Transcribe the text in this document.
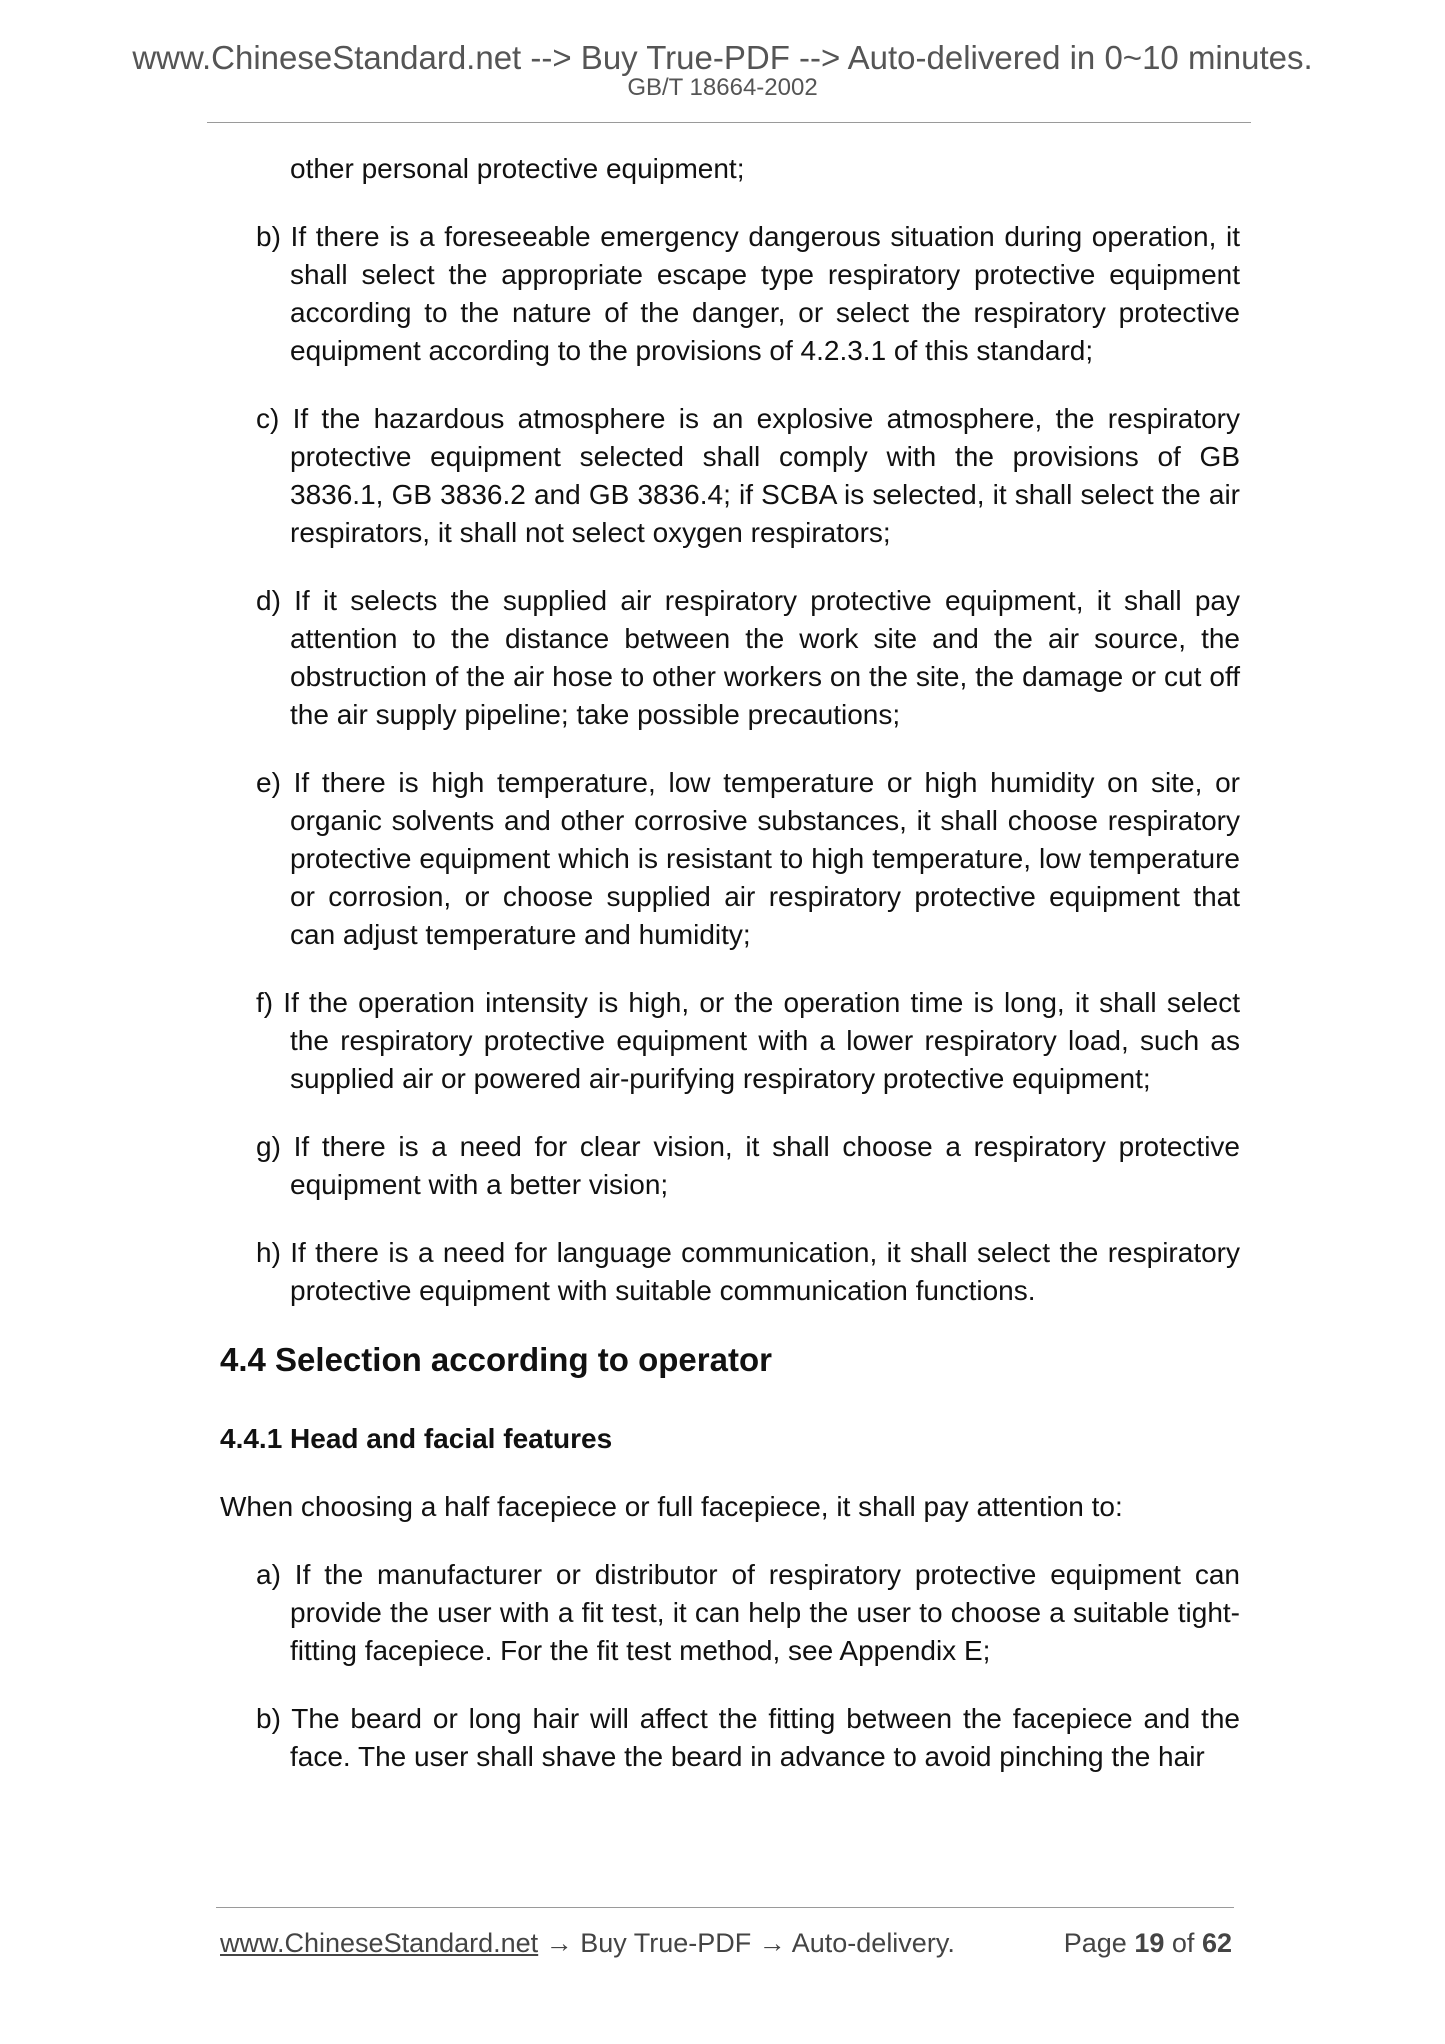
www.ChineseStandard.net --> Buy True-PDF --> Auto-delivered in 0~10 minutes.
GB/T 18664-2002

other personal protective equipment;

b) If there is a foreseeable emergency dangerous situation during operation, it shall select the appropriate escape type respiratory protective equipment according to the nature of the danger, or select the respiratory protective equipment according to the provisions of 4.2.3.1 of this standard;

c) If the hazardous atmosphere is an explosive atmosphere, the respiratory protective equipment selected shall comply with the provisions of GB 3836.1, GB 3836.2 and GB 3836.4; if SCBA is selected, it shall select the air respirators, it shall not select oxygen respirators;

d) If it selects the supplied air respiratory protective equipment, it shall pay attention to the distance between the work site and the air source, the obstruction of the air hose to other workers on the site, the damage or cut off the air supply pipeline; take possible precautions;

e) If there is high temperature, low temperature or high humidity on site, or organic solvents and other corrosive substances, it shall choose respiratory protective equipment which is resistant to high temperature, low temperature or corrosion, or choose supplied air respiratory protective equipment that can adjust temperature and humidity;

f) If the operation intensity is high, or the operation time is long, it shall select the respiratory protective equipment with a lower respiratory load, such as supplied air or powered air-purifying respiratory protective equipment;

g) If there is a need for clear vision, it shall choose a respiratory protective equipment with a better vision;

h) If there is a need for language communication, it shall select the respiratory protective equipment with suitable communication functions.

4.4 Selection according to operator
4.4.1 Head and facial features

When choosing a half facepiece or full facepiece, it shall pay attention to:

a) If the manufacturer or distributor of respiratory protective equipment can provide the user with a fit test, it can help the user to choose a suitable tight-fitting facepiece. For the fit test method, see Appendix E;

b) The beard or long hair will affect the fitting between the facepiece and the face. The user shall shave the beard in advance to avoid pinching the hair

www.ChineseStandard.net → Buy True-PDF → Auto-delivery.	Page 19 of 62
